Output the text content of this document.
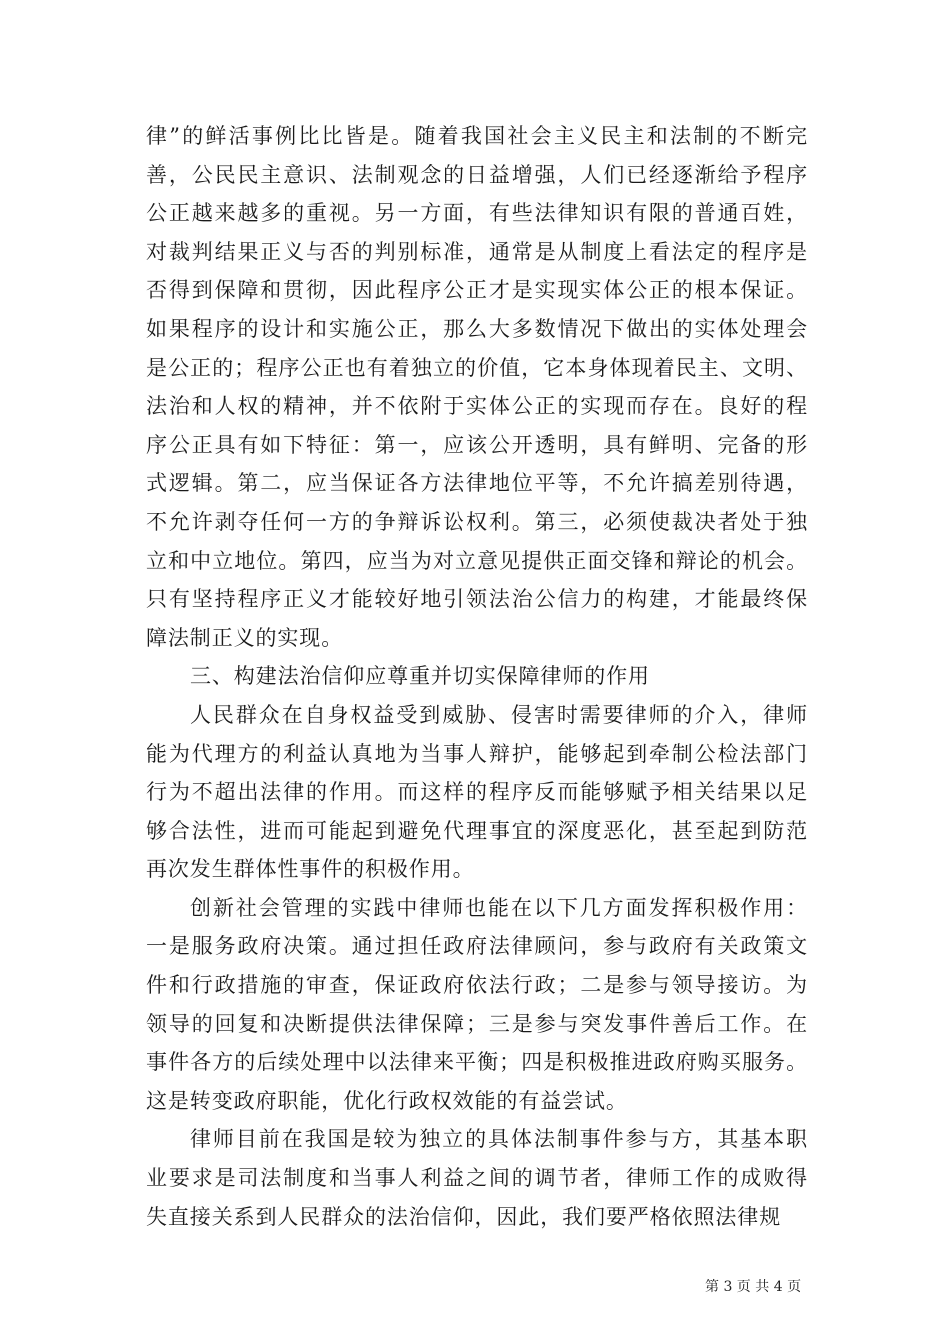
律”的鲜活事例比比皆是。随着我国社会主义民主和法制的不断完
善，公民民主意识、法制观念的日益增强，人们已经逐渐给予程序
公正越来越多的重视。另一方面，有些法律知识有限的普通百姓，
对裁判结果正义与否的判别标准，通常是从制度上看法定的程序是
否得到保障和贯彻，因此程序公正才是实现实体公正的根本保证。
如果程序的设计和实施公正，那么大多数情况下做出的实体处理会
是公正的；程序公正也有着独立的价值，它本身体现着民主、文明、
法治和人权的精神，并不依附于实体公正的实现而存在。良好的程
序公正具有如下特征：第一，应该公开透明，具有鲜明、完备的形
式逻辑。第二，应当保证各方法律地位平等，不允许搞差别待遇，
不允许剥夺任何一方的争辩诉讼权利。第三，必须使裁决者处于独
立和中立地位。第四，应当为对立意见提供正面交锋和辩论的机会。
只有坚持程序正义才能较好地引领法治公信力的构建，才能最终保
障法制正义的实现。
三、构建法治信仰应尊重并切实保障律师的作用
人民群众在自身权益受到威胁、侵害时需要律师的介入，律师
能为代理方的利益认真地为当事人辩护，能够起到牵制公检法部门
行为不超出法律的作用。而这样的程序反而能够赋予相关结果以足
够合法性，进而可能起到避免代理事宜的深度恶化，甚至起到防范
再次发生群体性事件的积极作用。
创新社会管理的实践中律师也能在以下几方面发挥积极作用：
一是服务政府决策。通过担任政府法律顾问，参与政府有关政策文
件和行政措施的审查，保证政府依法行政；二是参与领导接访。为
领导的回复和决断提供法律保障；三是参与突发事件善后工作。在
事件各方的后续处理中以法律来平衡；四是积极推进政府购买服务。
这是转变政府职能，优化行政权效能的有益尝试。
律师目前在我国是较为独立的具体法制事件参与方，其基本职
业要求是司法制度和当事人利益之间的调节者，律师工作的成败得
失直接关系到人民群众的法治信仰，因此，我们要严格依照法律规
第 3 页 共 4 页
